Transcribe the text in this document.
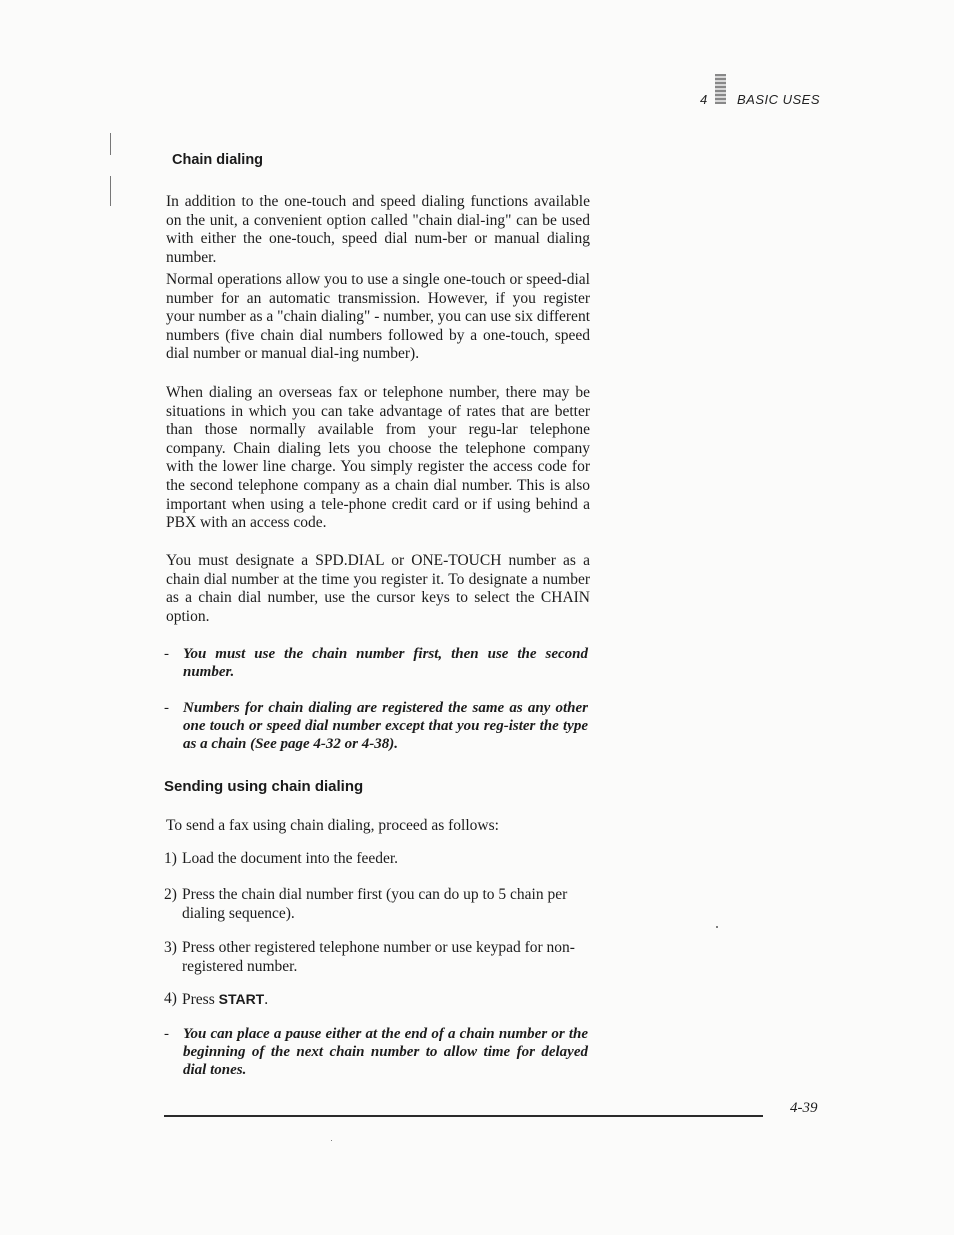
4 BASIC USES
Chain dialing
In addition to the one-touch and speed dialing functions available on the unit, a convenient option called "chain dial-ing" can be used with either the one-touch, speed dial num-ber or manual dialing number.
Normal operations allow you to use a single one-touch or speed-dial number for an automatic transmission. However, if you register your number as a "chain dialing" - number, you can use six different numbers (five chain dial numbers followed by a one-touch, speed dial number or manual dial-ing number).
When dialing an overseas fax or telephone number, there may be situations in which you can take advantage of rates that are better than those normally available from your regu-lar telephone company. Chain dialing lets you choose the telephone company with the lower line charge. You simply register the access code for the second telephone company as a chain dial number. This is also important when using a tele-phone credit card or if using behind a PBX with an access code.
You must designate a SPD.DIAL or ONE-TOUCH number as a chain dial number at the time you register it. To designate a number as a chain dial number, use the cursor keys to select the CHAIN option.
- You must use the chain number first, then use the second number.
- Numbers for chain dialing are registered the same as any other one touch or speed dial number except that you reg-ister the type as a chain (See page 4-32 or 4-38).
Sending using chain dialing
To send a fax using chain dialing, proceed as follows:
1) Load the document into the feeder.
2) Press the chain dial number first (you can do up to 5 chain per dialing sequence).
3) Press other registered telephone number or use keypad for non-registered number.
4) Press START.
- You can place a pause either at the end of a chain number or the beginning of the next chain number to allow time for delayed dial tones.
4-39
